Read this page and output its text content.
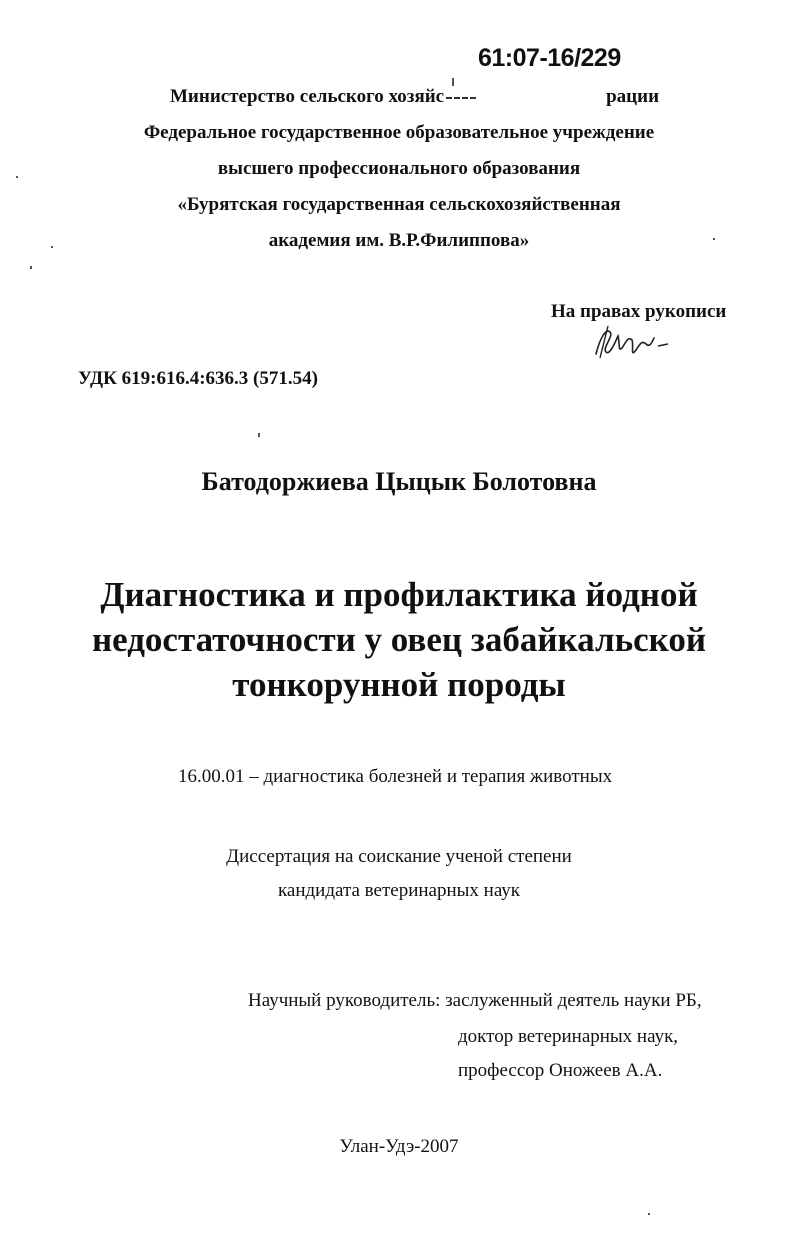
61:07-16/229
Министерство сельского хозяйс	рации
Федеральное государственное образовательное учреждение
высшего профессионального образования
«Бурятская государственная сельскохозяйственная
академия им. В.Р.Филиппова»
На правах рукописи
УДК 619:616.4:636.3 (571.54)
Батодоржиева Цыцык Болотовна
Диагностика и профилактика йодной
недостаточности у овец забайкальской
тонкорунной породы
16.00.01 – диагностика болезней и терапия животных
Диссертация на соискание ученой степени
кандидата ветеринарных наук
Научный руководитель: заслуженный деятель науки РБ,
доктор ветеринарных наук,
профессор Оножеев А.А.
Улан-Удэ-2007
